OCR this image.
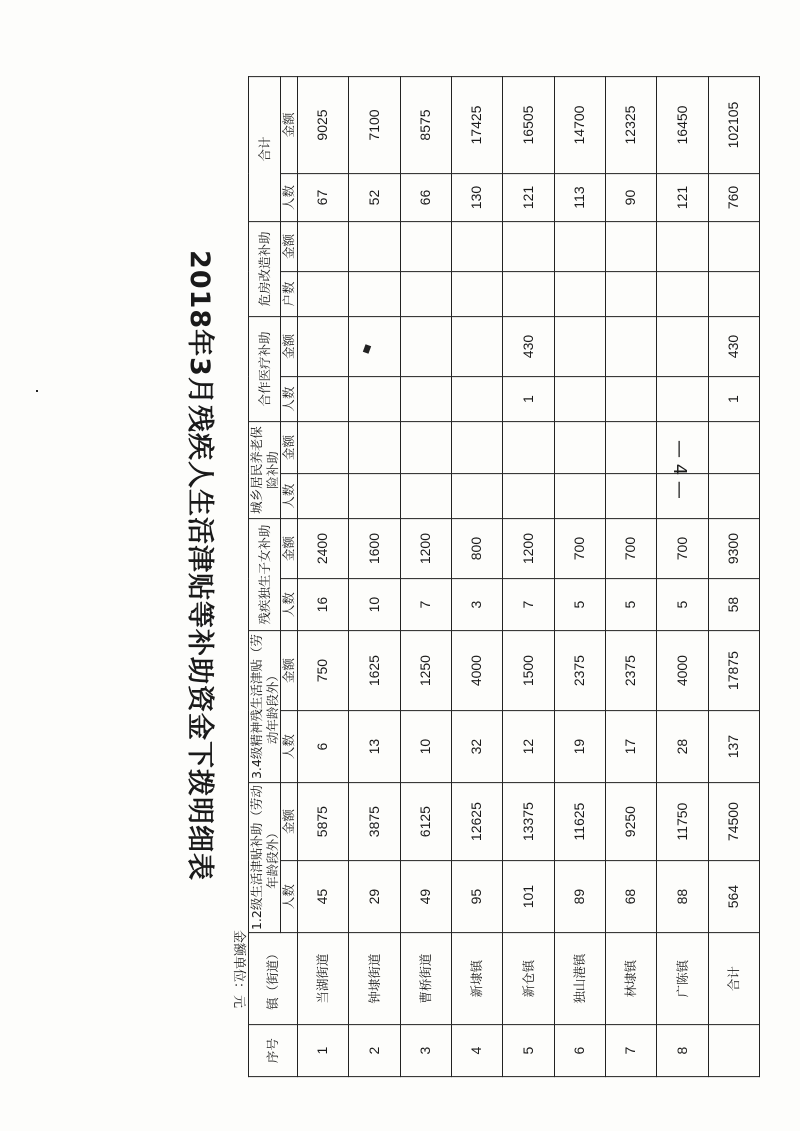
2018年3月残疾人生活津贴等补助资金下拨明细表
金额单位：元
— 4 —
序号	镇（街道）	1.2级生活津贴补助（劳动年龄段外）		3.4级精神残生活津贴（劳动年龄段外）		残疾独生子女补助		城乡居民养老保险补助		合作医疗补助		危房改造补助		合计	
		人数	金额	人数	金额	人数	金额	人数	金额	人数	金额	户数	金额	人数	金额
1	当湖街道	45	5875	6	750	16	2400							67	9025
2	钟埭街道	29	3875	13	1625	10	1600							52	7100
3	曹桥街道	49	6125	10	1250	7	1200							66	8575
4	新埭镇	95	12625	32	4000	3	800							130	17425
5	新仓镇	101	13375	12	1500	7	1200			1	430			121	16505
6	独山港镇	89	11625	19	2375	5	700							113	14700
7	林埭镇	68	9250	17	2375	5	700							90	12325
8	广陈镇	88	11750	28	4000	5	700							121	16450
	合计	564	74500	137	17875	58	9300			1	430			760	102105
